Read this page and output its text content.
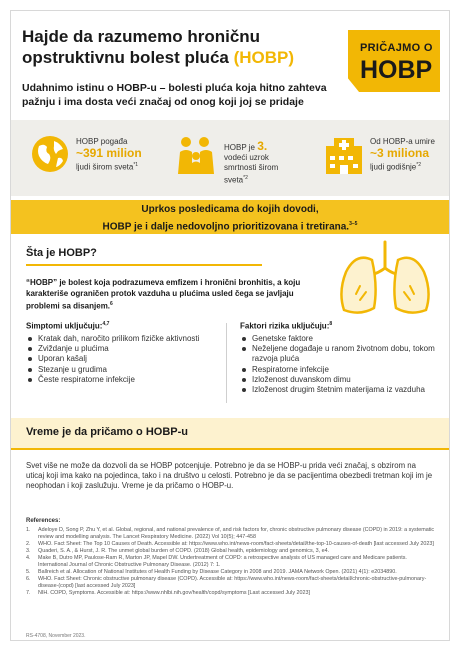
Hajde da razumemo hroničnu opstruktivnu bolest pluća (HOBP)
Udahnimo istinu o HOBP-u – bolesti pluća koja hitno zahteva pažnju i ima dosta veći značaj od onog koji joj se pridaje
PRIČAJMO O
HOBP
HOBP pogađa
~391 milion
ljudi širom sveta$^{*1}$
HOBP je 3.
vodeći uzrok smrtnosti širom sveta$^{*2}$
Od HOBP-a umire
~3 miliona
ljudi godišnje$^{*2}$
Uprkos posledicama do kojih dovodi,
HOBP je i dalje nedovoljno prioritizovana i tretirana.$^{3-5}$
Šta je HOBP?
“HOBP” je bolest koja podrazumeva emfizem i hronični bronhitis, a koju karakteriše ograničen protok vazduha u plućima usled čega se javljaju problemi sa disanjem.$^6$
Simptomi uključuju:$^{4,7}$
Kratak dah, naročito prilikom fizičke aktivnosti
Zviždanje u plućima
Uporan kašalj
Stezanje u grudima
Česte respiratorne infekcije
Faktori rizika uključuju:$^8$
Genetske faktore
Neželjene događaje u ranom životnom dobu, tokom razvoja pluća
Respiratorne infekcije
Izloženost duvanskom dimu
Izloženost drugim štetnim materijama iz vazduha
Vreme je da pričamo o HOBP-u
Svet više ne može da dozvoli da se HOBP potcenjuje. Potrebno je da se HOBP-u prida veći značaj, s obzirom na uticaj koji ima kako na pojedinca, tako i na društvo u celosti. Potrebno je da se pacijentima obezbedi tretman koji im je neophodan i koji zaslužuju. Vreme je da pričamo o HOBP-u.
References:
1. Adeloye D, Song P, Zhu Y, et al. Global, regional, and national prevalence of, and risk factors for, chronic obstructive pulmonary disease (COPD) in 2019: a systematic review and modelling analysis. The Lancet Respiratory Medicine. (2022) Vol 10(5); 447-458
2. WHO. Fact Sheet: The Top 10 Causes of Death. Accessible at: https://www.who.int/news-room/fact-sheets/detail/the-top-10-causes-of-death [last accessed July 2023]
3. Quaderi, S. A., & Hurst, J. R. The unmet global burden of COPD. (2018) Global health, epidemiology and genomics, 3, e4.
4. Make B, Dutro MP, Paulose-Ram R, Marton JP, Mapel DW. Undertreatment of COPD: a retrospective analysis of US managed care and Medicare patients. International Journal of Chronic Obstructive Pulmonary Disease. (2012) 7: 1.
5. Ballreich et al. Allocation of National Institutes of Health Funding by Disease Category in 2008 and 2019. JAMA Network Open. (2021) 4(1): e2034890.
6. WHO. Fact Sheet: Chronic obstructive pulmonary disease (COPD). Accessible at: https://www.who.int/news-room/fact-sheets/detail/chronic-obstructive-pulmonary-disease-(copd) [last accessed July 2023]
7. NIH. COPD, Symptoms. Accessible at: https://www.nhlbi.nih.gov/health/copd/symptoms [Last accessed July 2023]
RS-4708, November 2023.
